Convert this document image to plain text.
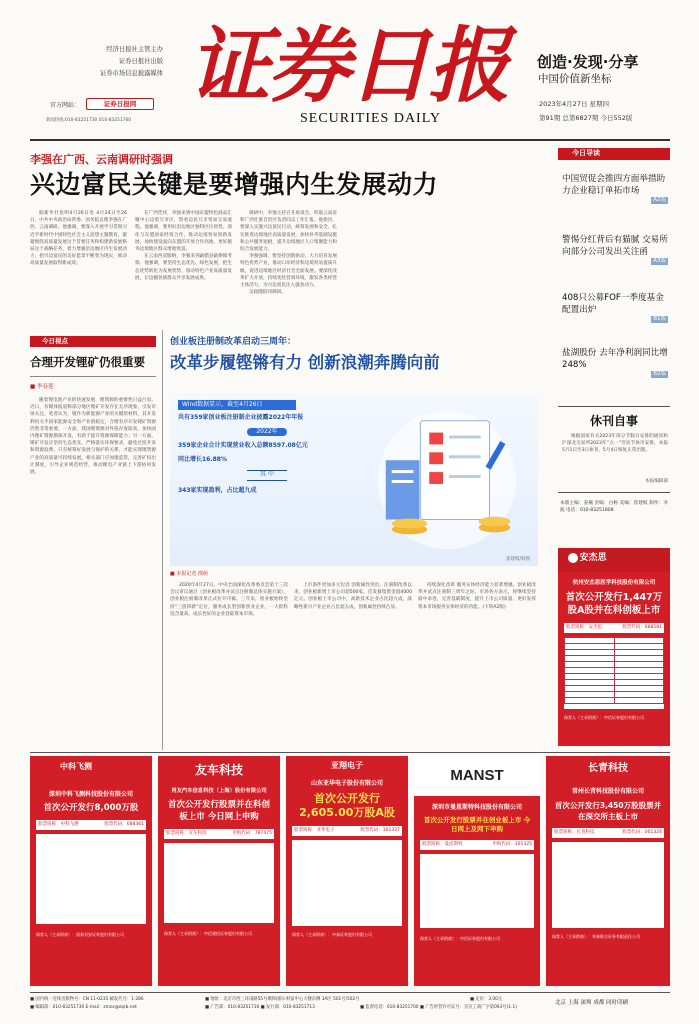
经济日报社主管主办
证券日报社出版
证券市场信息披露媒体
官方网站：	证券日报网
新闻热线:010-83251730 010-83251760
证券日报
SECURITIES DAILY
创造·发现·分享
中国价值新坐标
2023年4月27日 星期四
第91期 总第6827期 今日552版
李强在广西、云南调研时强调
兴边富民关键是要增强内生发展动力

据新华社昆明4月26日电 4月24日至26日，中共中央政治局常委、国务院总理李强在广西、云南调研。他强调，要深入开展学习贯彻习近平新时代中国特色社会主义思想主题教育，紧紧围绕高质量发展这个首要任务和构建新发展格局这个战略任务，着力增强沿边地区内生发展动力，把兴边富民的美好愿景不断变为现实，推动高质量发展取得新成效。

在广西凭祥，李强来到中国东盟特色商品汇聚中心边贸互市区，察看边民互市贸易交易流程。他强调，要用好沿边地区独特区位优势，深化与东盟国家经贸合作，推动边境贸易创新发展，加快建设面向东盟的开放合作高地，更好服务边境地区群众增收致富。

在云南西双版纳，李强来到勐腊县勐捧镇考察。他强调，要坚持生态优先、绿色发展，把生态优势转化为发展优势，推动特色产业高质量发展，让边疆各族群众共享发展成果。

调研中，李强主持召开座谈会，听取云南省和广西壮族自治区负责同志工作汇报。他指出，要深入实施兴边富民行动，统筹发展和安全，扎实推进边境地区高质量发展，加快补齐基础设施和公共服务短板，提升边境地区人口集聚能力和综合发展能力。

李强强调，要坚持创新驱动，大力培育发展特色优势产业，推动口岸经济和边境贸易提质升级，促进边境地区经济社会全面发展。要深化改革扩大开放，持续优化营商环境，激发各类经营主体活力，为兴边富民注入强劲动力。

吴政隆陪同调研。

今日导读
中国贸促会推四方面举措助力企业稳订单拓市场
A2版
警惕分红背后有猫腻 交易所向部分公司发出关注函
A3版
408只公募FOF一季度基金配置出炉
B1版
盐湖股份 去年净利润同比增248%
B2版
休刊自事
根据国家有关2023年部分节假日安排的通知和沪深北交易所2023年“五一”劳动节休市安排，本报5月1日至3日休刊，5月4日恢复正常出版。
本报编辑部
本版主编：姜楠 责编：白杨 美编：崔建岐 制作：李波 电话：010-83251808
今日视点
合理开发锂矿仍很重要
■ 李春莲
随着锂电池产业的快速发展，锂资源的重要性日益凸显。近日，有媒体报道称部分地区锂矿开发存在无序现象，引发市场关注。笔者认为，锂作为新能源产业的关键原材料，其开发利用关乎国家能源安全和产业链稳定，合理有序开发锂矿资源仍然非常重要。一方面，我国锂资源对外依存度较高，加快国内锂矿资源勘探开发，有助于提升资源保障能力；另一方面，锂矿开发应坚持生态优先，严格落实环保要求，避免过度开采和资源浪费。只有统筹好发展与保护的关系，才能实现锂资源产业的高质量可持续发展。相关部门应加强监管，完善矿权出让制度，引导企业规范经营，推动锂电产业链上下游协同发展。
创业板注册制改革启动三周年：
改革步履铿锵有力 创新浪潮奔腾向前
Wind数据显示，截至4月26日
共有359家创业板注册制企业披露2022年年报
2022年
359家企业合计实现营业收入总额8597.08亿元
同比增长16.88%
其 中
343家实现盈利，占比超九成
崔建岐/制图
■ 本报记者 邢萌
2020年4月27日，中央全面深化改革委员会第十三次会议审议通过《创业板改革并试点注册制总体实施方案》，创业板注册制改革正式拉开序幕。三年来，创业板始终坚持“三创四新”定位，服务成长型创新创业企业，一大批科技含量高、成长性好的企业登陆资本市场。
上市条件更加多元包容 创新属性突出。注册制改革以来，创业板新增上市公司超500家，首发募集资金超4000亿元。创业板上市公司中，高新技术企业占比超九成，战略性新兴产业企业占比超五成，创新属性持续凸显。
持续深化改革 服务实体经济能力显著增强。创业板改革并试点注册制三周年之际，市场各方表示，将继续坚持稳中求进，完善基础制度，提升上市公司质量，更好发挥资本市场服务实体经济的功能。(下转A2版)
安杰思
杭州安杰思医学科技股份有限公司
首次公开发行1,447万股A股并在科创板上市
股票简称：安杰思	股票代码：688581

保荐人（主承销商）：中信证券股份有限公司
中科飞测
深圳中科飞测科技股份有限公司
首次公开发行8,000万股
股票简称：中科飞测	股票代码：688361
保荐人（主承销商）：国泰君安证券股份有限公司
友车科技
用友汽车信息科技（上海）股份有限公司
首次公开发行股票并在科创板上市 今日网上申购
股票简称：友车科技	申购代码：787475
保荐人（主承销商）：中信建投证券股份有限公司
亚翔电子
山东亚华电子股份有限公司
首次公开发行2,605.00万股A股
股票简称：亚华电子	股票代码：301337
保荐人（主承销商）：中泰证券股份有限公司
MANST
深圳市曼恩斯特科技股份有限公司
首次公开发行股票并在创业板上市 今日网上及网下申购
股票简称：曼恩斯特	申购代码：301325
保荐人（主承销商）：中信证券股份有限公司
长青科技
常州长青科技股份有限公司
首次公开发行3,450万股股票并在深交所主板上市
股票简称：长青科技	股票代码：001324
保荐人（主承销商）：华泰联合证券有限责任公司
■ 国内统一连续出版物号：CN 11-0235 邮发代号：1-286	■ 地址：北京市西三环南路55号顺和国际·财富中心大楼东侧 3A区 501号/502号
■ 编辑部：010-83251730 E-mail：zmzx@zqrb.net	■ 广告部：010-83251716 ■ 发行部：010-83251713	■ 监督电话：010-83251700 ■ 广告经营许可证号：京宣工商广字第093号(1-1)
■ 定价：3.00元
北京 上海 深圳 成都 同时印刷
